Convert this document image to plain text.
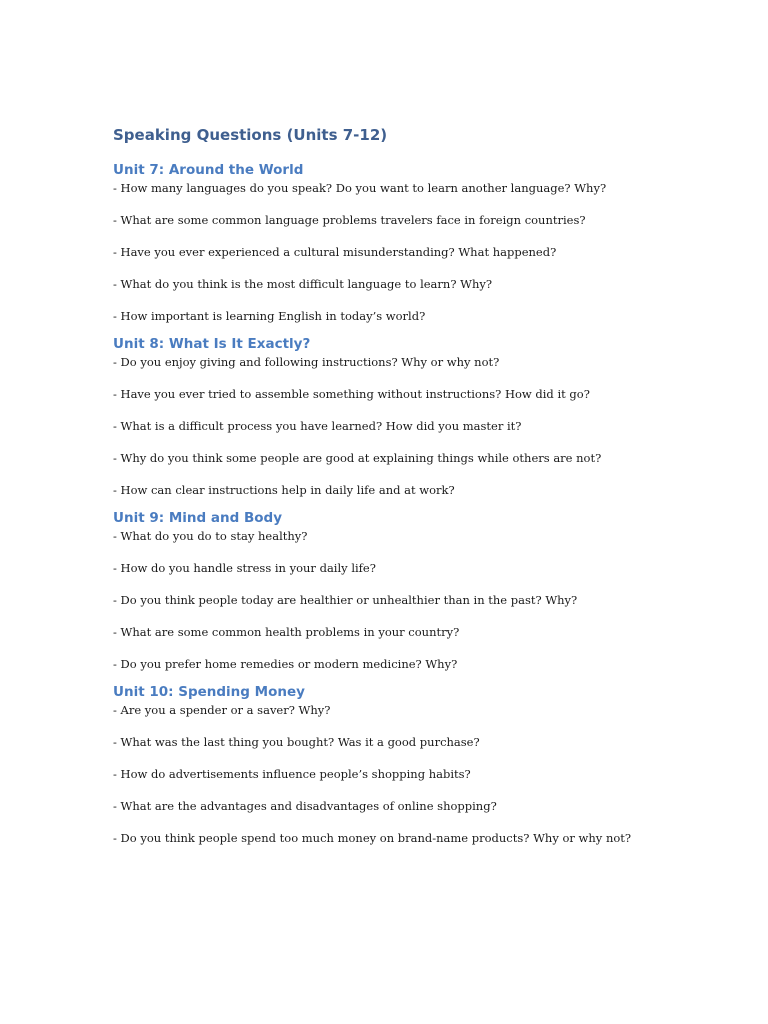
Speaking Questions (Units 7-12)
Unit 7: Around the World
- How many languages do you speak? Do you want to learn another language? Why?
- What are some common language problems travelers face in foreign countries?
- Have you ever experienced a cultural misunderstanding? What happened?
- What do you think is the most difficult language to learn? Why?
- How important is learning English in today’s world?
Unit 8: What Is It Exactly?
- Do you enjoy giving and following instructions? Why or why not?
- Have you ever tried to assemble something without instructions? How did it go?
- What is a difficult process you have learned? How did you master it?
- Why do you think some people are good at explaining things while others are not?
- How can clear instructions help in daily life and at work?
Unit 9: Mind and Body
- What do you do to stay healthy?
- How do you handle stress in your daily life?
- Do you think people today are healthier or unhealthier than in the past? Why?
- What are some common health problems in your country?
- Do you prefer home remedies or modern medicine? Why?
Unit 10: Spending Money
- Are you a spender or a saver? Why?
- What was the last thing you bought? Was it a good purchase?
- How do advertisements influence people’s shopping habits?
- What are the advantages and disadvantages of online shopping?
- Do you think people spend too much money on brand-name products? Why or why not?
